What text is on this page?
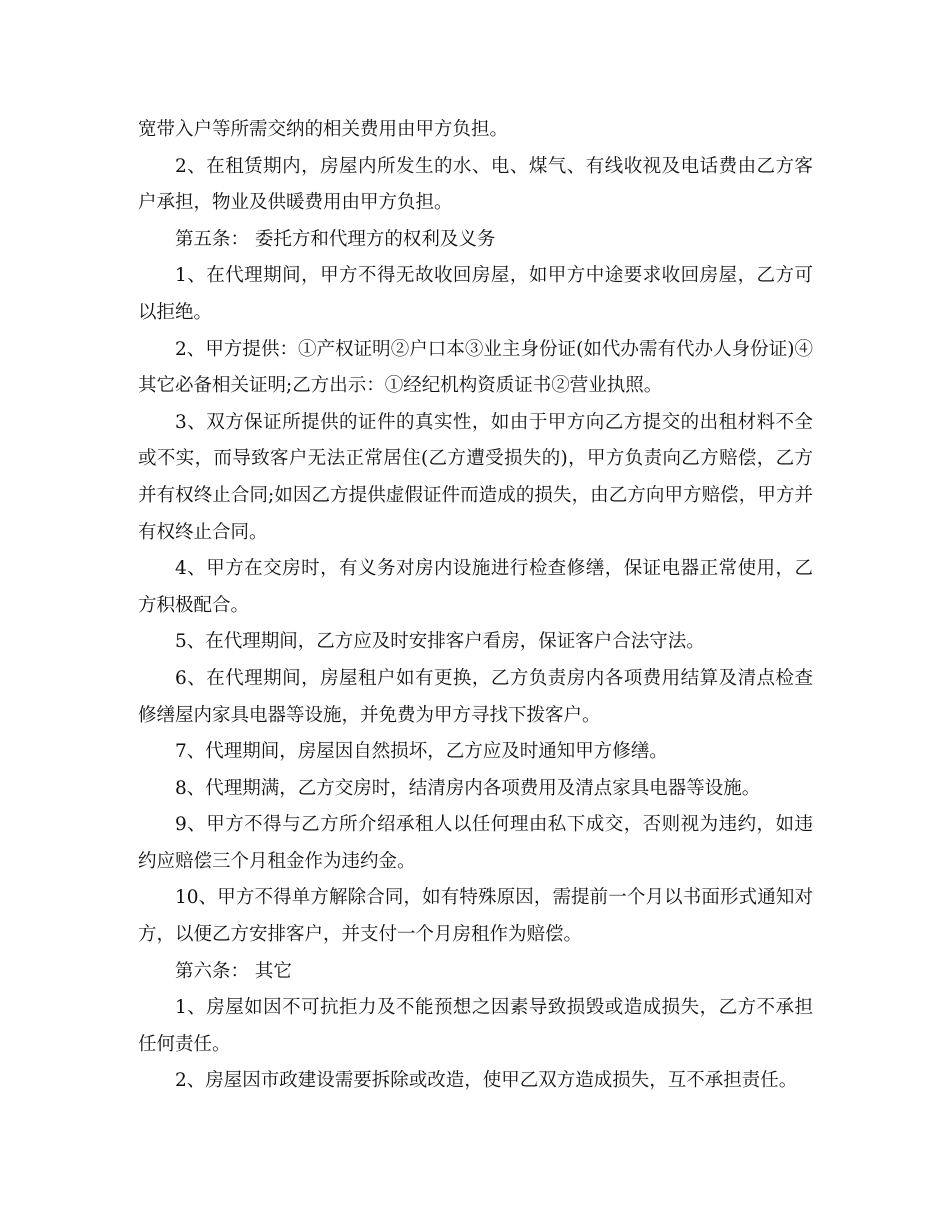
宽带入户等所需交纳的相关费用由甲方负担。

2、在租赁期内，房屋内所发生的水、电、煤气、有线收视及电话费由乙方客户承担，物业及供暖费用由甲方负担。

第五条： 委托方和代理方的权利及义务

1、在代理期间，甲方不得无故收回房屋，如甲方中途要求收回房屋，乙方可以拒绝。

2、甲方提供：①产权证明②户口本③业主身份证(如代办需有代办人身份证)④ 其它必备相关证明;乙方出示：①经纪机构资质证书②营业执照。

3、双方保证所提供的证件的真实性，如由于甲方向乙方提交的出租材料不全或不实，而导致客户无法正常居住(乙方遭受损失的)，甲方负责向乙方赔偿，乙方并有权终止合同;如因乙方提供虚假证件而造成的损失，由乙方向甲方赔偿，甲方并有权终止合同。

4、甲方在交房时，有义务对房内设施进行检查修缮，保证电器正常使用，乙方积极配合。

5、在代理期间，乙方应及时安排客户看房，保证客户合法守法。

6、在代理期间，房屋租户如有更换，乙方负责房内各项费用结算及清点检查修缮屋内家具电器等设施，并免费为甲方寻找下拨客户。

7、代理期间，房屋因自然损坏，乙方应及时通知甲方修缮。

8、代理期满，乙方交房时，结清房内各项费用及清点家具电器等设施。

9、甲方不得与乙方所介绍承租人以任何理由私下成交，否则视为违约，如违约应赔偿三个月租金作为违约金。

10、甲方不得单方解除合同，如有特殊原因，需提前一个月以书面形式通知对方，以便乙方安排客户，并支付一个月房租作为赔偿。

第六条： 其它

1、房屋如因不可抗拒力及不能预想之因素导致损毁或造成损失，乙方不承担任何责任。

2、房屋因市政建设需要拆除或改造，使甲乙双方造成损失，互不承担责任。
